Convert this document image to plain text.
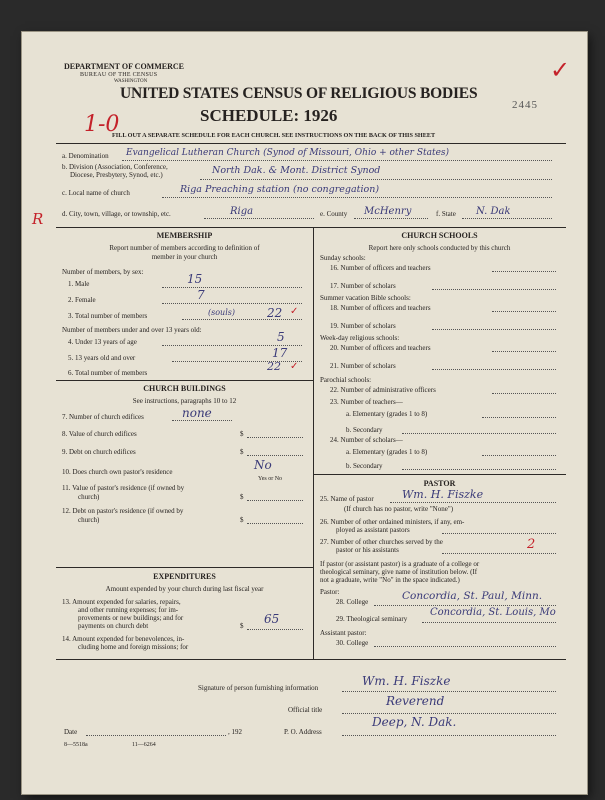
DEPARTMENT OF COMMERCE
BUREAU OF THE CENSUS
WASHINGTON
UNITED STATES CENSUS OF RELIGIOUS BODIES
SCHEDULE: 1926
2445
1-0
✓
FILL OUT A SEPARATE SCHEDULE FOR EACH CHURCH. SEE INSTRUCTIONS ON THE BACK OF THIS SHEET
a. Denomination Evangelical Lutheran Church (Synod of Missouri, Ohio + other States)
b. Division (Association, Conference,
Diocese, Presbytery, Synod, etc.)	North Dak. & Mont. District Synod
c. Local name of church	Riga Preaching station (no congregation)
R	d. City, town, village, or township, etc.	Riga	e. County McHenry	f. State N. Dak
MEMBERSHIP
Report number of members according to definition of
member in your church
Number of members, by sex:
1. Male	15
2. Female	7
3. Total number of members	(souls)	22 ✓
Number of members under and over 13 years old:
4. Under 13 years of age	5
5. 13 years old and over	17
6. Total number of members	22 ✓
CHURCH BUILDINGS
See instructions, paragraphs 10 to 12
7. Number of church edifices	none
8. Value of church edifices	$
9. Debt on church edifices	$
10. Does church own pastor's residence	No
Yes or No
11. Value of pastor's residence (if owned by
church)	$
12. Debt on pastor's residence (if owned by
church)	$
EXPENDITURES
Amount expended by your church during last fiscal year
13. Amount expended for salaries, repairs,
and other running expenses; for im-
provements or new buildings; and for
payments on church debt	$ 65
14. Amount expended for benevolences, in-
cluding home and foreign missions; for
PASTOR
25. Name of pastor	Wm. H. Fiszke
(If church has no pastor, write "None")
26. Number of other ordained ministers, if any, em-
ployed as assistant pastors
27. Number of other churches served by the
pastor or his assistants	2
If pastor (or assistant pastor) is a graduate of a college or
theological seminary, give name of institution below. (If
not a graduate, write "No" in the space indicated.)
Pastor:
28. College	Concordia, St. Paul, Minn.
29. Theological seminary
Concordia, St. Louis, Mo
Assistant pastor:
30. College
CHURCH SCHOOLS
Report here only schools conducted by this church
Sunday schools:
16. Number of officers and teachers
17. Number of scholars
Summer vacation Bible schools:
18. Number of officers and teachers
19. Number of scholars
Week-day religious schools:
20. Number of officers and teachers
21. Number of scholars
Parochial schools:
22. Number of administrative officers
23. Number of teachers—
a. Elementary (grades 1 to 8)
b. Secondary
24. Number of scholars—
a. Elementary (grades 1 to 8)
b. Secondary
Signature of person furnishing information	Wm. H. Fiszke
Official title
Reverend
Date	, 192	P. O. Address
Deep, N. Dak.
8—5518a	11—6264
